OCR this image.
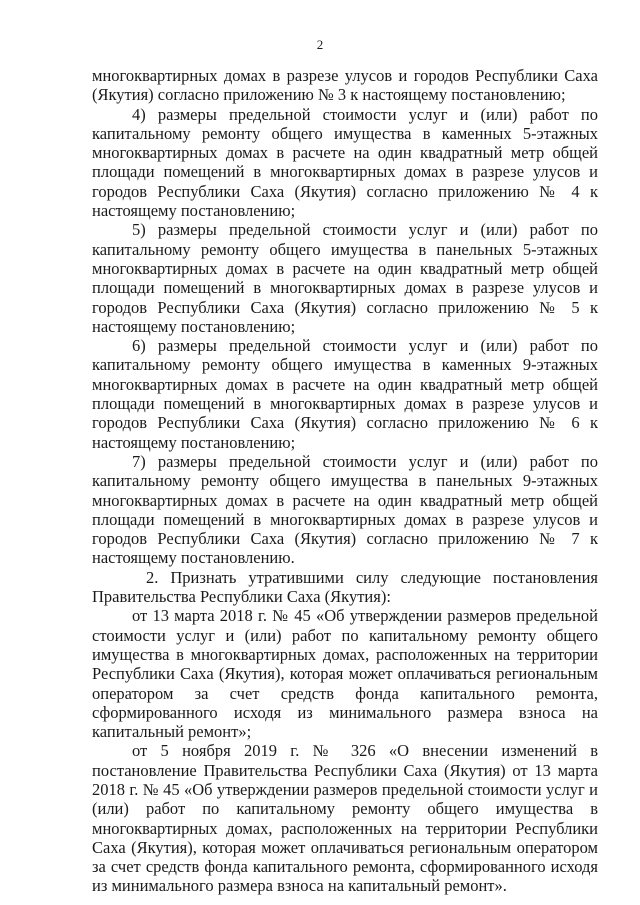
2

многоквартирных домах в разрезе улусов и городов Республики Саха (Якутия) согласно приложению № 3 к настоящему постановлению;

4) размеры предельной стоимости услуг и (или) работ по капитальному ремонту общего имущества в каменных 5-этажных многоквартирных домах в расчете на один квадратный метр общей площади помещений в многоквартирных домах в разрезе улусов и городов Республики Саха (Якутия) согласно приложению № 4 к настоящему постановлению;

5) размеры предельной стоимости услуг и (или) работ по капитальному ремонту общего имущества в панельных 5-этажных многоквартирных домах в расчете на один квадратный метр общей площади помещений в многоквартирных домах в разрезе улусов и городов Республики Саха (Якутия) согласно приложению № 5 к настоящему постановлению;

6) размеры предельной стоимости услуг и (или) работ по капитальному ремонту общего имущества в каменных 9-этажных многоквартирных домах в расчете на один квадратный метр общей площади помещений в многоквартирных домах в разрезе улусов и городов Республики Саха (Якутия) согласно приложению № 6 к настоящему постановлению;

7) размеры предельной стоимости услуг и (или) работ по капитальному ремонту общего имущества в панельных 9-этажных многоквартирных домах в расчете на один квадратный метр общей площади помещений в многоквартирных домах в разрезе улусов и городов Республики Саха (Якутия) согласно приложению № 7 к настоящему постановлению.

2. Признать утратившими силу следующие постановления Правительства Республики Саха (Якутия):

от 13 марта 2018 г. № 45 «Об утверждении размеров предельной стоимости услуг и (или) работ по капитальному ремонту общего имущества в многоквартирных домах, расположенных на территории Республики Саха (Якутия), которая может оплачиваться региональным оператором за счет средств фонда капитального ремонта, сформированного исходя из минимального размера взноса на капитальный ремонт»;

от 5 ноября 2019 г. № 326 «О внесении изменений в постановление Правительства Республики Саха (Якутия) от 13 марта 2018 г. № 45 «Об утверждении размеров предельной стоимости услуг и (или) работ по капитальному ремонту общего имущества в многоквартирных домах, расположенных на территории Республики Саха (Якутия), которая может оплачиваться региональным оператором за счет средств фонда капитального ремонта, сформированного исходя из минимального размера взноса на капитальный ремонт».
